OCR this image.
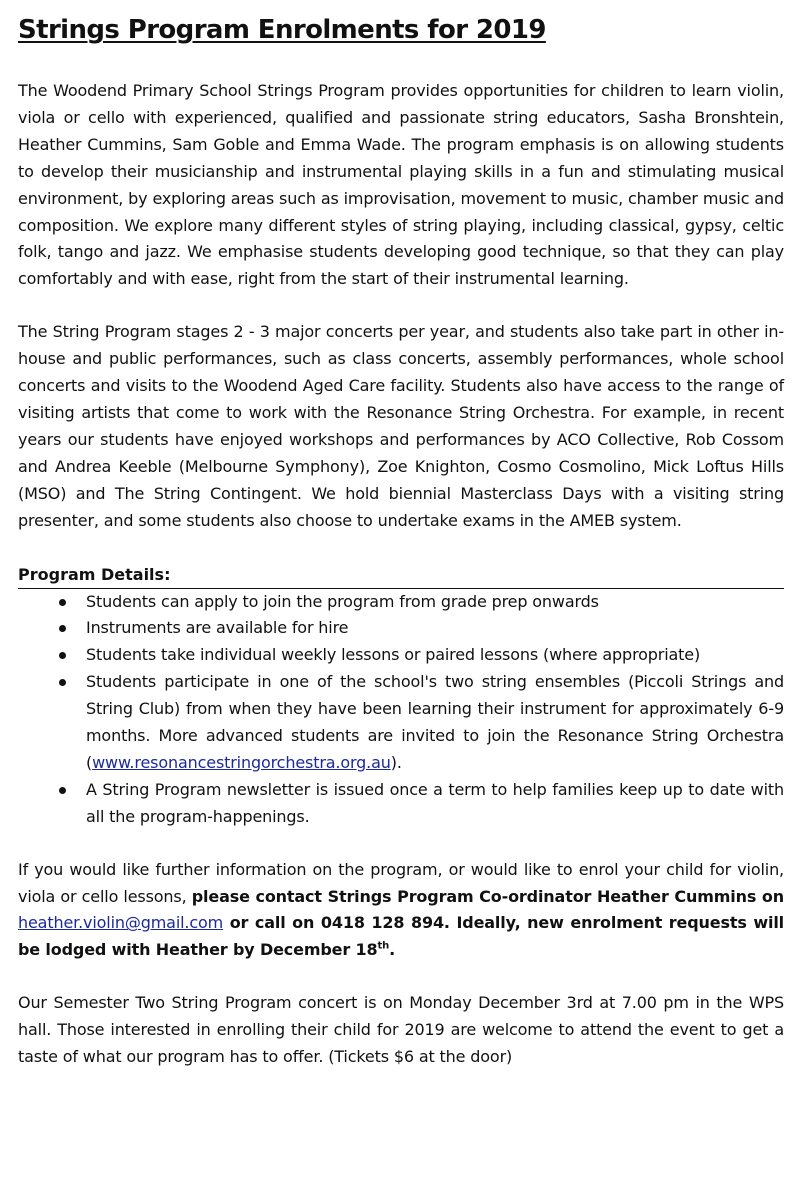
Strings Program Enrolments for 2019

The Woodend Primary School Strings Program provides opportunities for children to learn violin, viola or cello with experienced, qualified and passionate string educators, Sasha Bronshtein, Heather Cummins, Sam Goble and Emma Wade. The program emphasis is on allowing students to develop their musicianship and instrumental playing skills in a fun and stimulating musical environment, by exploring areas such as improvisation, movement to music, chamber music and composition. We explore many different styles of string playing, including classical, gypsy, celtic folk, tango and jazz. We emphasise students developing good technique, so that they can play comfortably and with ease, right from the start of their instrumental learning.

The String Program stages 2 - 3 major concerts per year, and students also take part in other in-house and public performances, such as class concerts, assembly performances, whole school concerts and visits to the Woodend Aged Care facility. Students also have access to the range of visiting artists that come to work with the Resonance String Orchestra. For example, in recent years our students have enjoyed workshops and performances by ACO Collective, Rob Cossom and Andrea Keeble (Melbourne Symphony), Zoe Knighton, Cosmo Cosmolino, Mick Loftus Hills (MSO) and The String Contingent. We hold biennial Masterclass Days with a visiting string presenter, and some students also choose to undertake exams in the AMEB system.

Program Details:
Students can apply to join the program from grade prep onwards
Instruments are available for hire
Students take individual weekly lessons or paired lessons (where appropriate)
Students participate in one of the school's two string ensembles (Piccoli Strings and String Club) from when they have been learning their instrument for approximately 6-9 months. More advanced students are invited to join the Resonance String Orchestra (www.resonancestringorchestra.org.au).
A String Program newsletter is issued once a term to help families keep up to date with all the program-happenings.

If you would like further information on the program, or would like to enrol your child for violin, viola or cello lessons, please contact Strings Program Co-ordinator Heather Cummins on heather.violin@gmail.com or call on 0418 128 894. Ideally, new enrolment requests will be lodged with Heather by December 18th.

Our Semester Two String Program concert is on Monday December 3rd at 7.00 pm in the WPS hall. Those interested in enrolling their child for 2019 are welcome to attend the event to get a taste of what our program has to offer. (Tickets $6 at the door)
